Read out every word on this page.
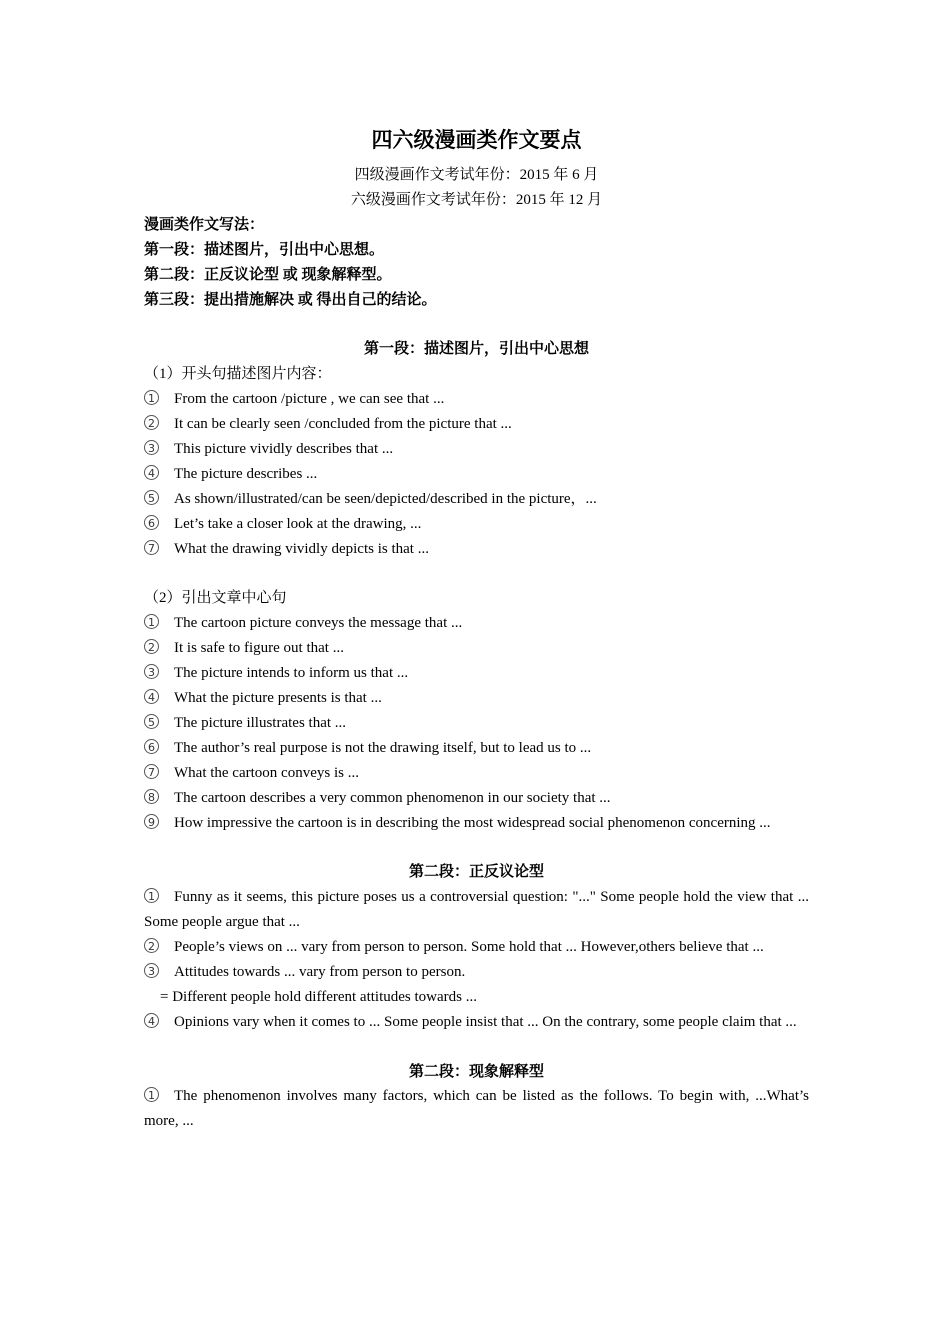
四六级漫画类作文要点
四级漫画作文考试年份：2015 年 6 月
六级漫画作文考试年份：2015 年 12 月
漫画类作文写法：
第一段：描述图片，引出中心思想。
第二段：正反议论型 或 现象解释型。
第三段：提出措施解决 或 得出自己的结论。
第一段：描述图片，引出中心思想
（1）开头句描述图片内容：
1 From the cartoon /picture , we can see that ...
2 It can be clearly seen /concluded from the picture that ...
3 This picture vividly describes that ...
4 The picture describes ...
5 As shown/illustrated/can be seen/depicted/described in the picture，...
6 Let’s take a closer look at the drawing, ...
7 What the drawing vividly depicts is that ...
（2）引出文章中心句
1 The cartoon picture conveys the message that ...
2 It is safe to figure out that ...
3 The picture intends to inform us that ...
4 What the picture presents is that ...
5 The picture illustrates that ...
6 The author’s real purpose is not the drawing itself, but to lead us to ...
7 What the cartoon conveys is ...
8 The cartoon describes a very common phenomenon in our society that ...
9 How impressive the cartoon is in describing the most widespread social phenomenon concerning ...
第二段：正反议论型
1 Funny as it seems, this picture poses us a controversial question: "..." Some people hold the view that ... Some people argue that ...
2 People’s views on ... vary from person to person. Some hold that ... However,others believe that ...
3 Attitudes towards ... vary from person to person.
= Different people hold different attitudes towards ...
4 Opinions vary when it comes to ... Some people insist that ... On the contrary, some people claim that ...
第二段：现象解释型
1 The phenomenon involves many factors, which can be listed as the follows. To begin with, ...What’s more, ...
